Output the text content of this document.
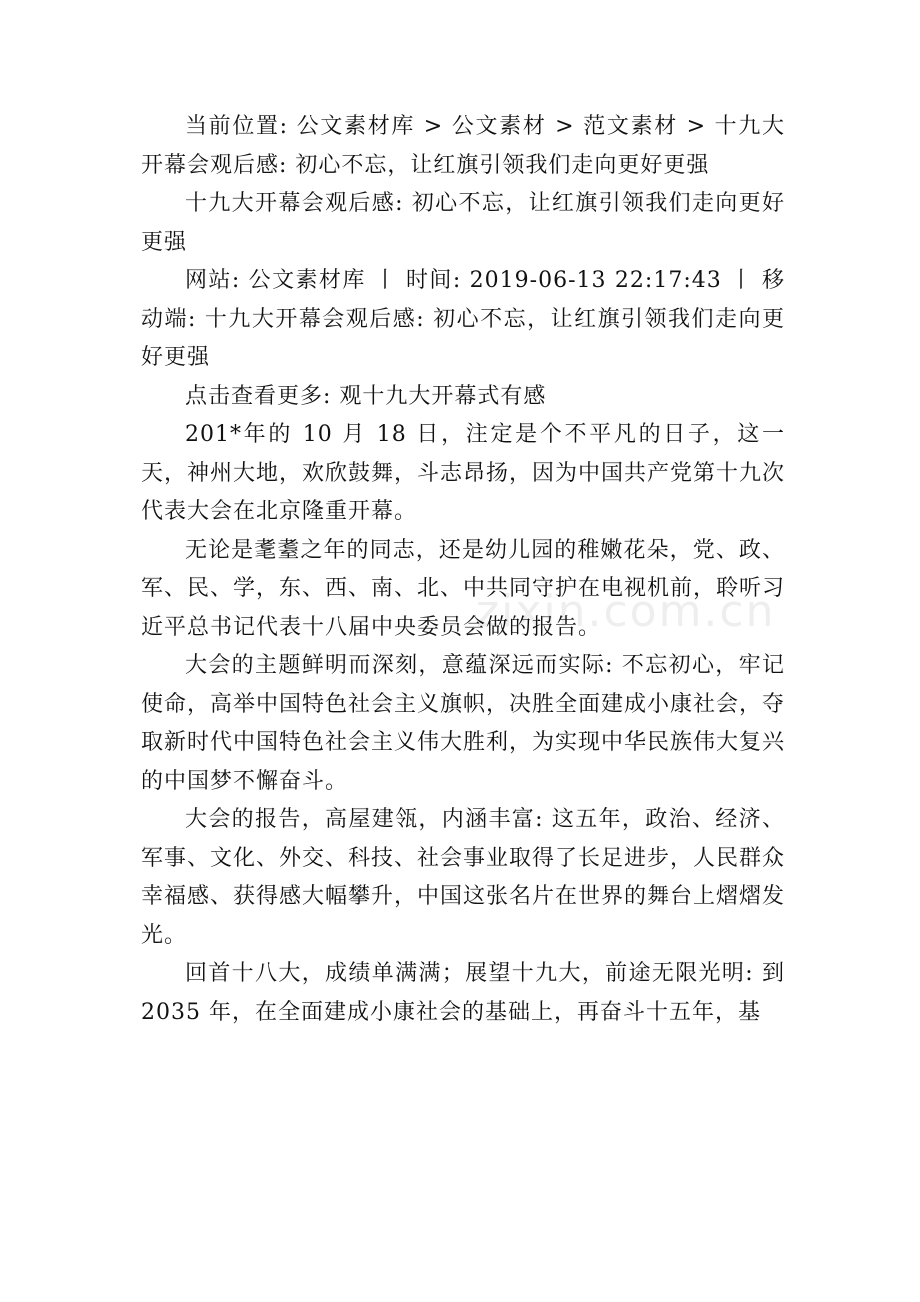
zixin.com.cn

当前位置: 公文素材库 > 公文素材 > 范文素材 > 十九大开幕会观后感: 初心不忘，让红旗引领我们走向更好更强

十九大开幕会观后感: 初心不忘，让红旗引领我们走向更好更强

网站: 公文素材库 丨 时间: 2019-06-13 22:17:43 丨 移动端: 十九大开幕会观后感: 初心不忘，让红旗引领我们走向更好更强

点击查看更多: 观十九大开幕式有感

201*年的 10 月 18 日，注定是个不平凡的日子，这一天，神州大地，欢欣鼓舞，斗志昂扬，因为中国共产党第十九次代表大会在北京隆重开幕。

无论是耄耋之年的同志，还是幼儿园的稚嫩花朵，党、政、军、民、学，东、西、南、北、中共同守护在电视机前，聆听习近平总书记代表十八届中央委员会做的报告。

大会的主题鲜明而深刻，意蕴深远而实际: 不忘初心，牢记使命，高举中国特色社会主义旗帜，决胜全面建成小康社会，夺取新时代中国特色社会主义伟大胜利，为实现中华民族伟大复兴的中国梦不懈奋斗。

大会的报告，高屋建瓴，内涵丰富: 这五年，政治、经济、军事、文化、外交、科技、社会事业取得了长足进步，人民群众幸福感、获得感大幅攀升，中国这张名片在世界的舞台上熠熠发光。

回首十八大，成绩单满满；展望十九大，前途无限光明: 到 2035 年，在全面建成小康社会的基础上，再奋斗十五年，基
